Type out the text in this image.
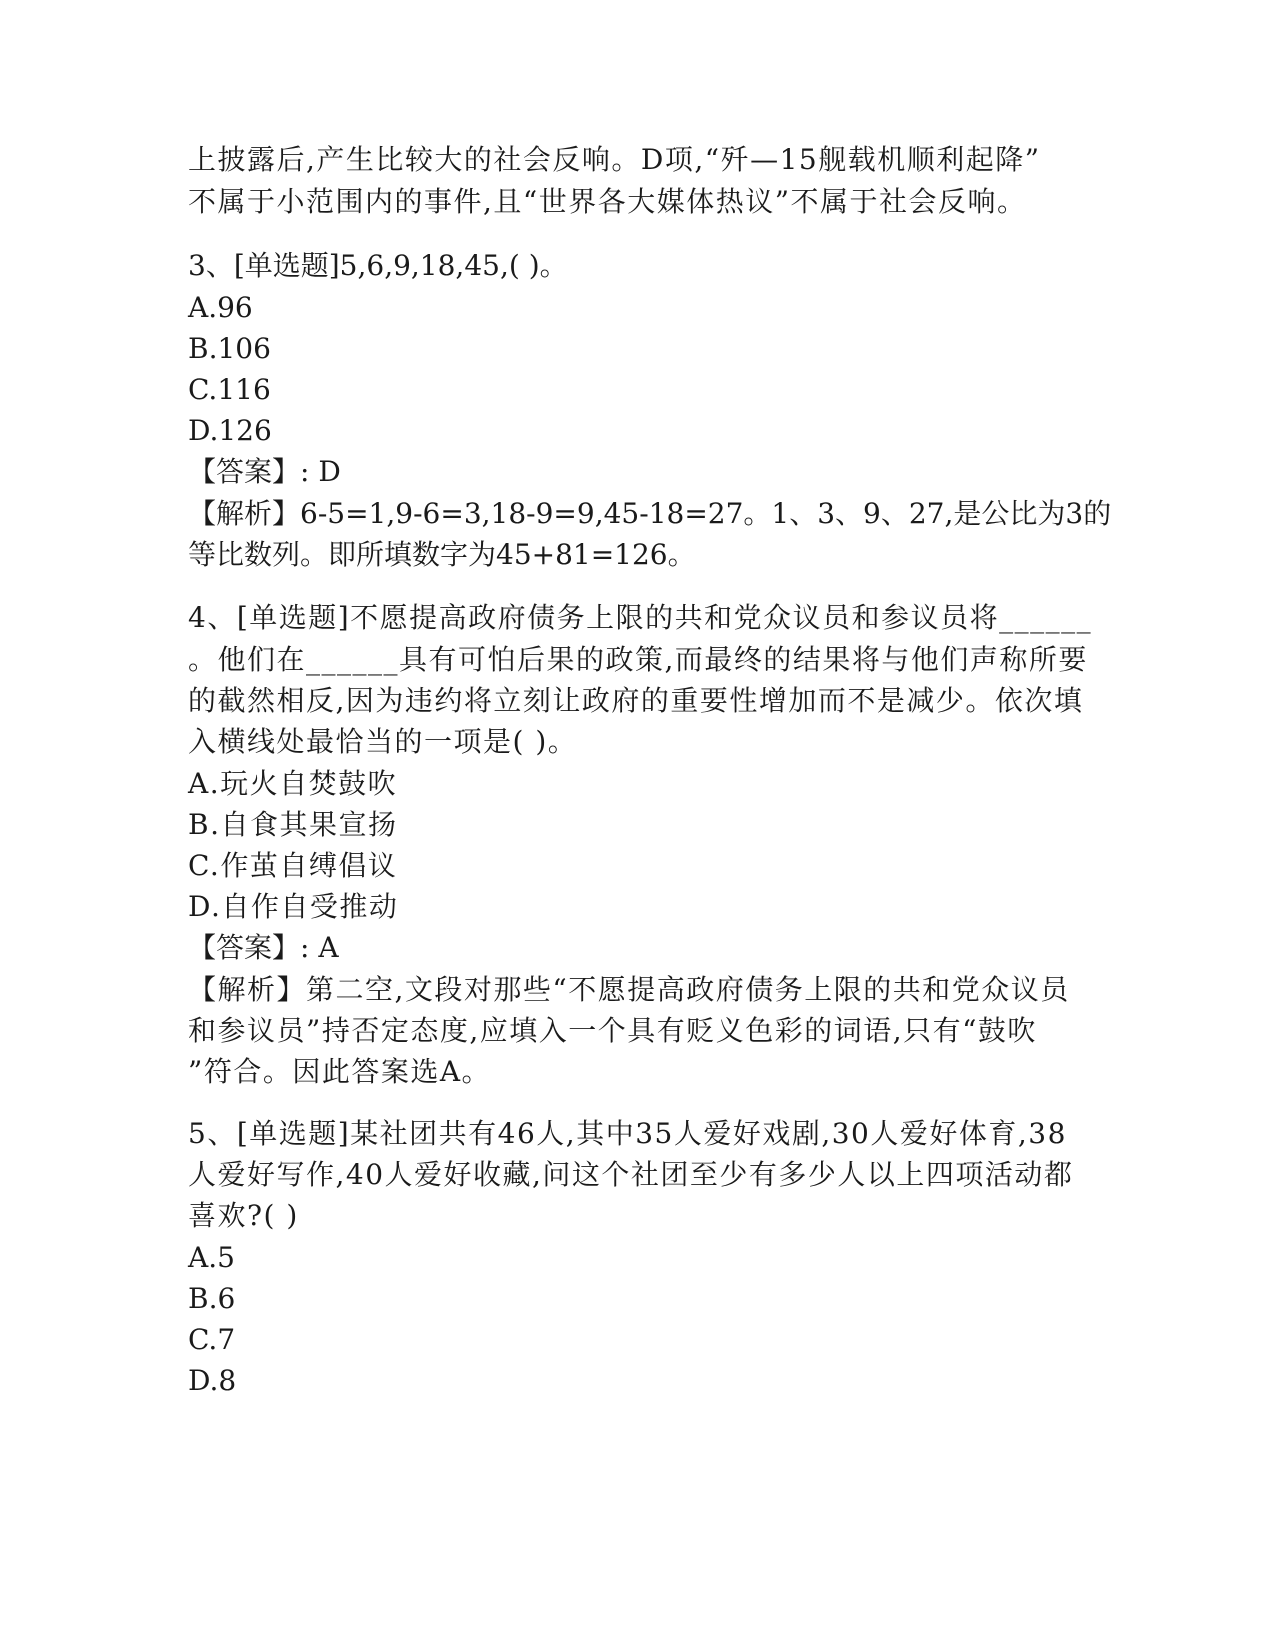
上披露后,产生比较大的社会反响。D项,“歼—15舰载机顺利起降”
不属于小范围内的事件,且“世界各大媒体热议”不属于社会反响。
3、[单选题]5,6,9,18,45,( )。
A.96
B.106
C.116
D.126
【答案】: D
【解析】6-5=1,9-6=3,18-9=9,45-18=27。1、3、9、27,是公比为3的
等比数列。即所填数字为45+81=126。
4、[单选题]不愿提高政府债务上限的共和党众议员和参议员将______
。他们在______具有可怕后果的政策,而最终的结果将与他们声称所要
的截然相反,因为违约将立刻让政府的重要性增加而不是减少。依次填
入横线处最恰当的一项是( )。
A.玩火自焚鼓吹
B.自食其果宣扬
C.作茧自缚倡议
D.自作自受推动
【答案】: A
【解析】第二空,文段对那些“不愿提高政府债务上限的共和党众议员
和参议员”持否定态度,应填入一个具有贬义色彩的词语,只有“鼓吹
”符合。因此答案选A。
5、[单选题]某社团共有46人,其中35人爱好戏剧,30人爱好体育,38
人爱好写作,40人爱好收藏,问这个社团至少有多少人以上四项活动都
喜欢?( )
A.5
B.6
C.7
D.8
